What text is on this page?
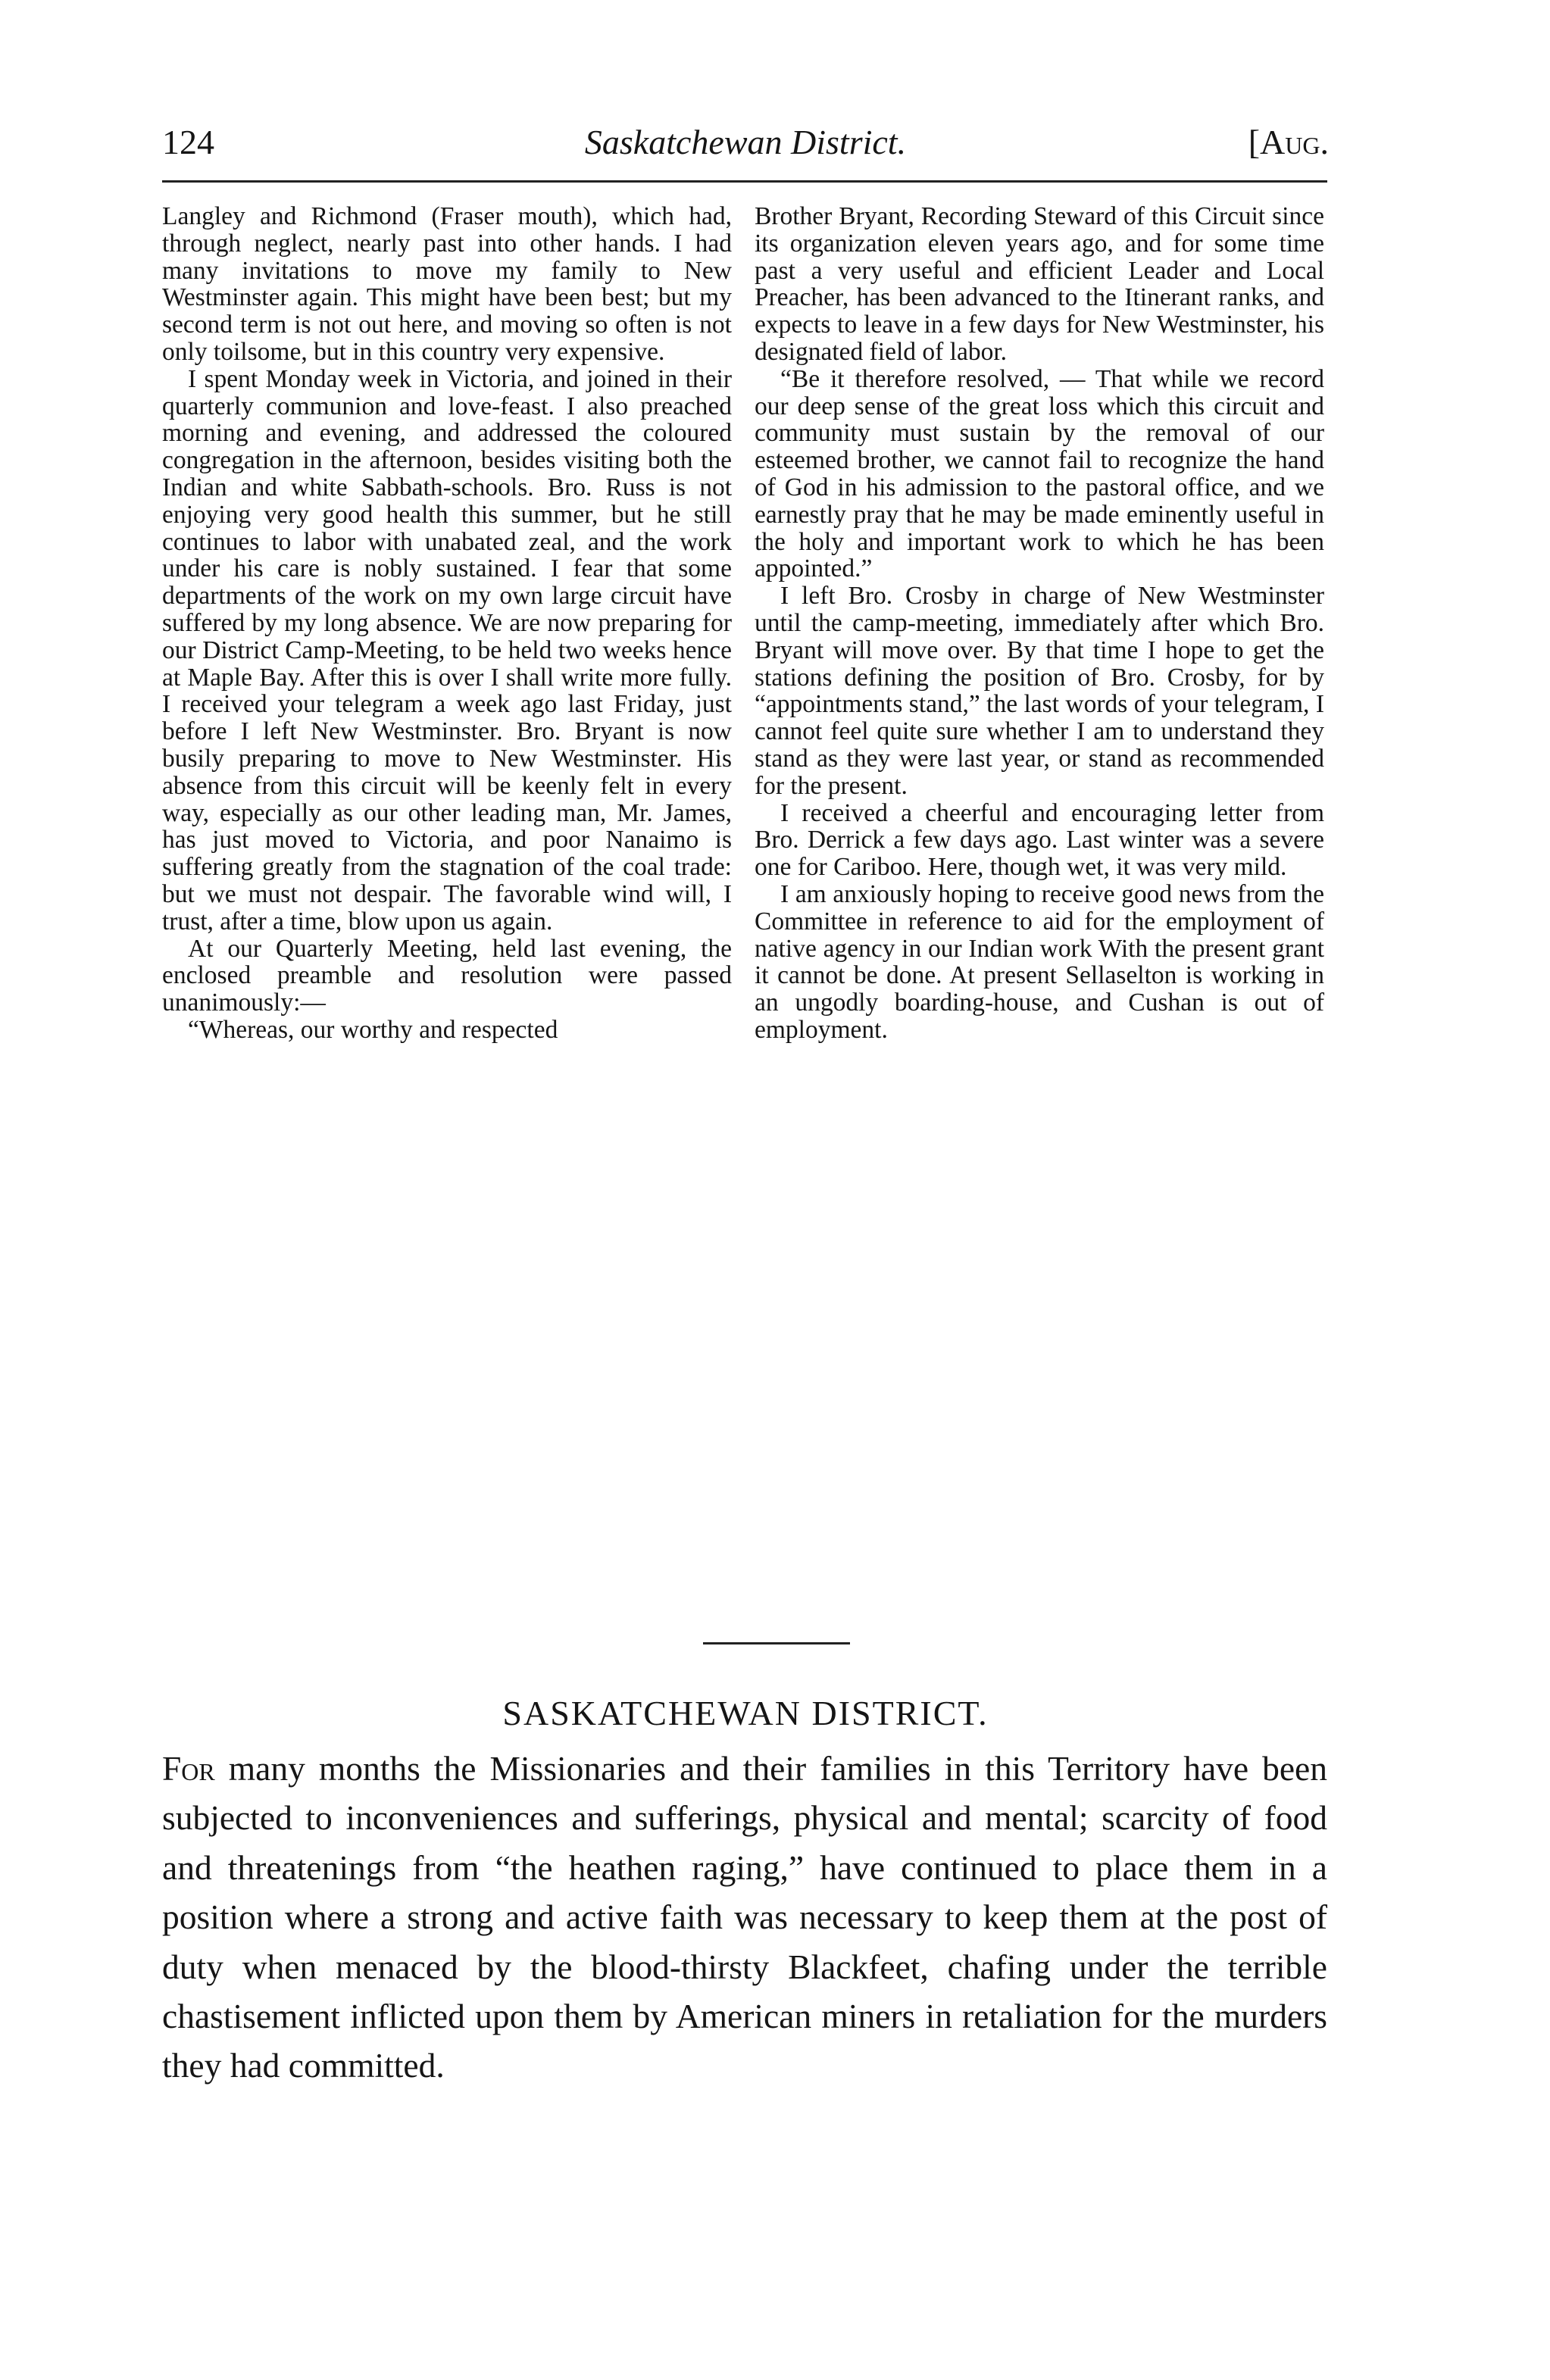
124	Saskatchewan District.	[Aug.

Langley and Richmond (Fraser mouth), which had, through neglect, nearly past into other hands. I had many invitations to move my family to New Westminster again. This might have been best; but my second term is not out here, and moving so often is not only toilsome, but in this country very expensive.

I spent Monday week in Victoria, and joined in their quarterly communion and love-feast. I also preached morning and evening, and addressed the coloured congregation in the afternoon, besides visiting both the Indian and white Sabbath-schools. Bro. Russ is not enjoying very good health this summer, but he still continues to labor with unabated zeal, and the work under his care is nobly sustained. I fear that some departments of the work on my own large circuit have suffered by my long absence. We are now preparing for our District Camp-Meeting, to be held two weeks hence at Maple Bay. After this is over I shall write more fully. I received your telegram a week ago last Friday, just before I left New Westminster. Bro. Bryant is now busily preparing to move to New Westminster. His absence from this circuit will be keenly felt in every way, especially as our other leading man, Mr. James, has just moved to Victoria, and poor Nanaimo is suffering greatly from the stagnation of the coal trade: but we must not despair. The favorable wind will, I trust, after a time, blow upon us again.

At our Quarterly Meeting, held last evening, the enclosed preamble and resolution were passed unanimously:—

“Whereas, our worthy and respected

Brother Bryant, Recording Steward of this Circuit since its organization eleven years ago, and for some time past a very useful and efficient Leader and Local Preacher, has been advanced to the Itinerant ranks, and expects to leave in a few days for New Westminster, his designated field of labor.

“Be it therefore resolved, — That while we record our deep sense of the great loss which this circuit and community must sustain by the removal of our esteemed brother, we cannot fail to recognize the hand of God in his admission to the pastoral office, and we earnestly pray that he may be made eminently useful in the holy and important work to which he has been appointed.”

I left Bro. Crosby in charge of New Westminster until the camp-meeting, immediately after which Bro. Bryant will move over. By that time I hope to get the stations defining the position of Bro. Crosby, for by “appointments stand,” the last words of your telegram, I cannot feel quite sure whether I am to understand they stand as they were last year, or stand as recommended for the present.

I received a cheerful and encouraging letter from Bro. Derrick a few days ago. Last winter was a severe one for Cariboo. Here, though wet, it was very mild.

I am anxiously hoping to receive good news from the Committee in reference to aid for the employment of native agency in our Indian work With the present grant it cannot be done. At present Sellaselton is working in an ungodly boarding-house, and Cushan is out of employment.

SASKATCHEWAN DISTRICT.

For many months the Missionaries and their families in this Territory have been subjected to inconveniences and sufferings, physical and mental; scarcity of food and threatenings from “the heathen raging,” have continued to place them in a position where a strong and active faith was necessary to keep them at the post of duty when menaced by the blood-thirsty Blackfeet, chafing under the terrible chastisement inflicted upon them by American miners in retaliation for the murders they had committed.
